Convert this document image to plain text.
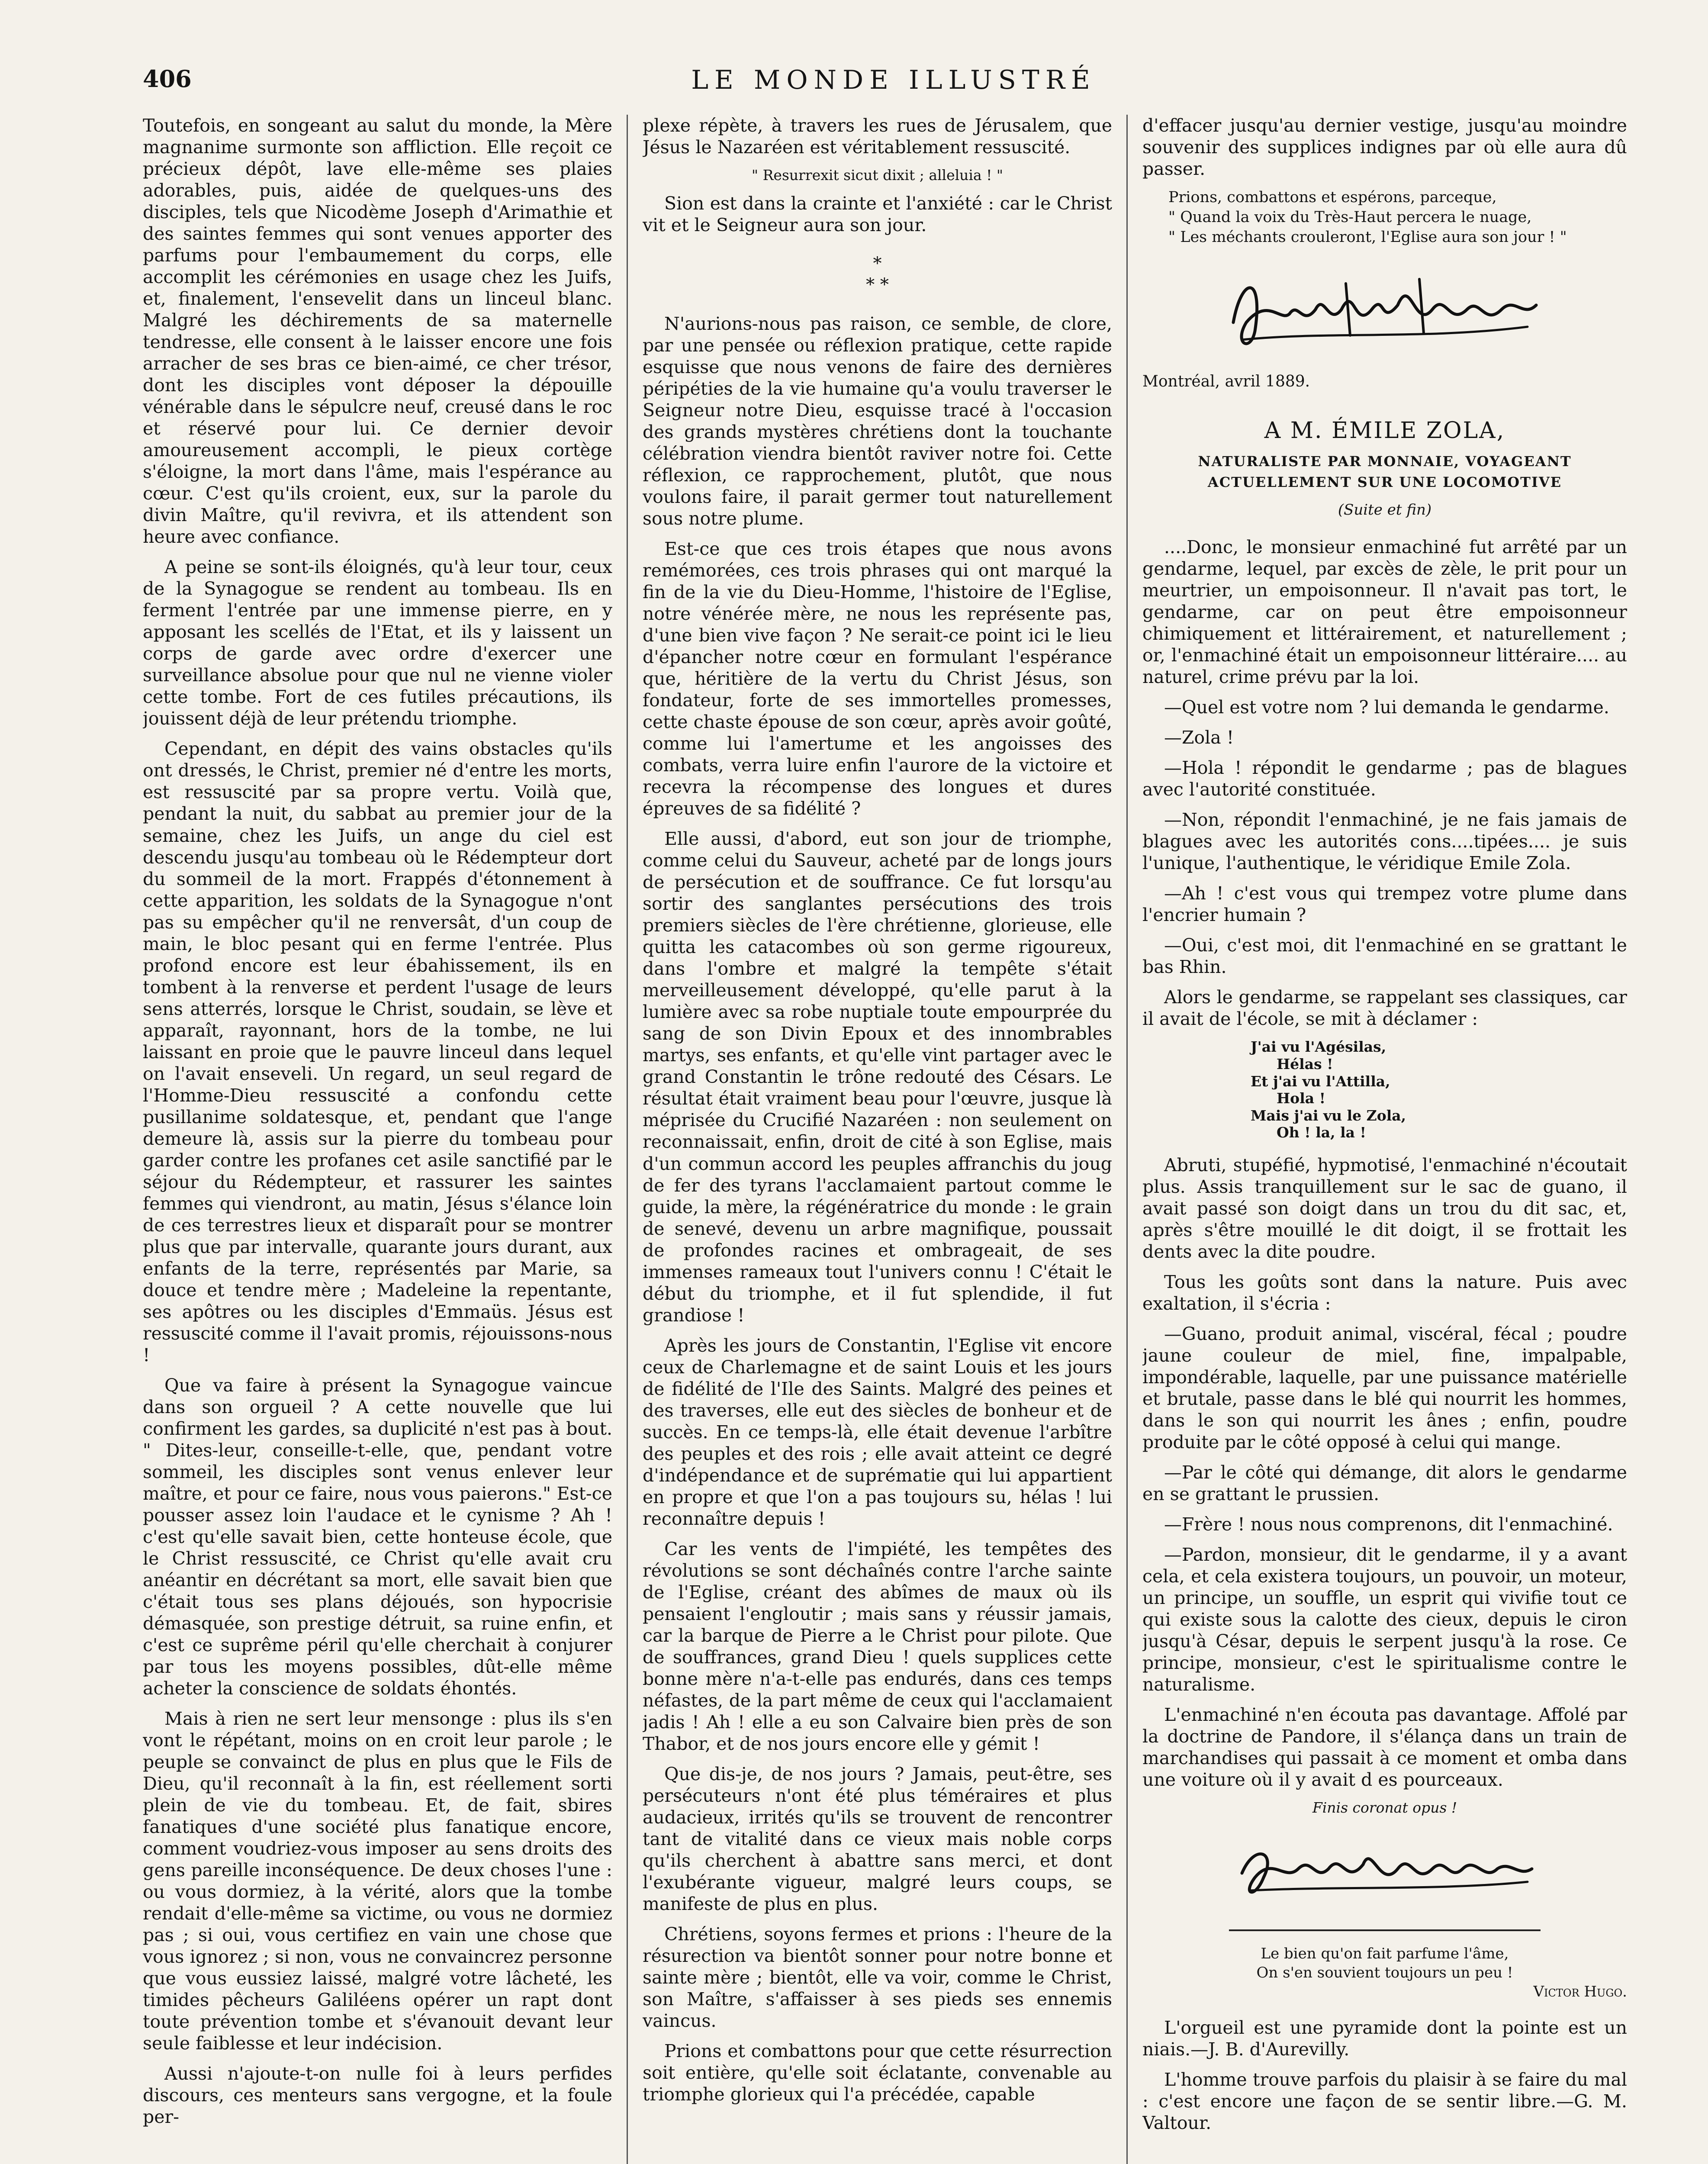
406	LE MONDE ILLUSTRÉ

Toutefois, en songeant au salut du monde, la Mère magnanime surmonte son affliction. Elle reçoit ce précieux dépôt, lave elle-même ses plaies adorables, puis, aidée de quelques-uns des disciples, tels que Nicodème Joseph d'Arimathie et des saintes femmes qui sont venues apporter des parfums pour l'embaumement du corps, elle accomplit les cérémonies en usage chez les Juifs, et, finalement, l'ensevelit dans un linceul blanc. Malgré les déchirements de sa maternelle tendresse, elle consent à le laisser encore une fois arracher de ses bras ce bien-aimé, ce cher trésor, dont les disciples vont déposer la dépouille vénérable dans le sépulcre neuf, creusé dans le roc et réservé pour lui. Ce dernier devoir amoureusement accompli, le pieux cortège s'éloigne, la mort dans l'âme, mais l'espérance au cœur. C'est qu'ils croient, eux, sur la parole du divin Maître, qu'il revivra, et ils attendent son heure avec confiance.

A peine se sont-ils éloignés, qu'à leur tour, ceux de la Synagogue se rendent au tombeau. Ils en ferment l'entrée par une immense pierre, en y apposant les scellés de l'Etat, et ils y laissent un corps de garde avec ordre d'exercer une surveillance absolue pour que nul ne vienne violer cette tombe. Fort de ces futiles précautions, ils jouissent déjà de leur prétendu triomphe.

Cependant, en dépit des vains obstacles qu'ils ont dressés, le Christ, premier né d'entre les morts, est ressuscité par sa propre vertu. Voilà que, pendant la nuit, du sabbat au premier jour de la semaine, chez les Juifs, un ange du ciel est descendu jusqu'au tombeau où le Rédempteur dort du sommeil de la mort. Frappés d'étonnement à cette apparition, les soldats de la Synagogue n'ont pas su empêcher qu'il ne renversât, d'un coup de main, le bloc pesant qui en ferme l'entrée. Plus profond encore est leur ébahissement, ils en tombent à la renverse et perdent l'usage de leurs sens atterrés, lorsque le Christ, soudain, se lève et apparaît, rayonnant, hors de la tombe, ne lui laissant en proie que le pauvre linceul dans lequel on l'avait enseveli. Un regard, un seul regard de l'Homme-Dieu ressuscité a confondu cette pusillanime soldatesque, et, pendant que l'ange demeure là, assis sur la pierre du tombeau pour garder contre les profanes cet asile sanctifié par le séjour du Rédempteur, et rassurer les saintes femmes qui viendront, au matin, Jésus s'élance loin de ces terrestres lieux et disparaît pour se montrer plus que par intervalle, quarante jours durant, aux enfants de la terre, représentés par Marie, sa douce et tendre mère ; Madeleine la repentante, ses apôtres ou les disciples d'Emmaüs. Jésus est ressuscité comme il l'avait promis, réjouissons-nous !

Que va faire à présent la Synagogue vaincue dans son orgueil ? A cette nouvelle que lui confirment les gardes, sa duplicité n'est pas à bout. " Dites-leur, conseille-t-elle, que, pendant votre sommeil, les disciples sont venus enlever leur maître, et pour ce faire, nous vous paierons." Est-ce pousser assez loin l'audace et le cynisme ? Ah ! c'est qu'elle savait bien, cette honteuse école, que le Christ ressuscité, ce Christ qu'elle avait cru anéantir en décrétant sa mort, elle savait bien que c'était tous ses plans déjoués, son hypocrisie démasquée, son prestige détruit, sa ruine enfin, et c'est ce suprême péril qu'elle cherchait à conjurer par tous les moyens possibles, dût-elle même acheter la conscience de soldats éhontés.

Mais à rien ne sert leur mensonge : plus ils s'en vont le répétant, moins on en croit leur parole ; le peuple se convainct de plus en plus que le Fils de Dieu, qu'il reconnaît à la fin, est réellement sorti plein de vie du tombeau. Et, de fait, sbires fanatiques d'une société plus fanatique encore, comment voudriez-vous imposer au sens droits des gens pareille inconséquence. De deux choses l'une : ou vous dormiez, à la vérité, alors que la tombe rendait d'elle-même sa victime, ou vous ne dormiez pas ; si oui, vous certifiez en vain une chose que vous ignorez ; si non, vous ne convaincrez personne que vous eussiez laissé, malgré votre lâcheté, les timides pêcheurs Galiléens opérer un rapt dont toute prévention tombe et s'évanouit devant leur seule faiblesse et leur indécision.

Aussi n'ajoute-t-on nulle foi à leurs perfides discours, ces menteurs sans vergogne, et la foule per-

plexe répète, à travers les rues de Jérusalem, que Jésus le Nazaréen est véritablement ressuscité.

" Resurrexit sicut dixit ; alleluia ! "

Sion est dans la crainte et l'anxiété : car le Christ vit et le Seigneur aura son jour.

*
* *

N'aurions-nous pas raison, ce semble, de clore, par une pensée ou réflexion pratique, cette rapide esquisse que nous venons de faire des dernières péripéties de la vie humaine qu'a voulu traverser le Seigneur notre Dieu, esquisse tracé à l'occasion des grands mystères chrétiens dont la touchante célébration viendra bientôt raviver notre foi. Cette réflexion, ce rapprochement, plutôt, que nous voulons faire, il parait germer tout naturellement sous notre plume.

Est-ce que ces trois étapes que nous avons remémorées, ces trois phrases qui ont marqué la fin de la vie du Dieu-Homme, l'histoire de l'Eglise, notre vénérée mère, ne nous les représente pas, d'une bien vive façon ? Ne serait-ce point ici le lieu d'épancher notre cœur en formulant l'espérance que, héritière de la vertu du Christ Jésus, son fondateur, forte de ses immortelles promesses, cette chaste épouse de son cœur, après avoir goûté, comme lui l'amertume et les angoisses des combats, verra luire enfin l'aurore de la victoire et recevra la récompense des longues et dures épreuves de sa fidélité ?

Elle aussi, d'abord, eut son jour de triomphe, comme celui du Sauveur, acheté par de longs jours de persécution et de souffrance. Ce fut lorsqu'au sortir des sanglantes persécutions des trois premiers siècles de l'ère chrétienne, glorieuse, elle quitta les catacombes où son germe rigoureux, dans l'ombre et malgré la tempête s'était merveilleusement développé, qu'elle parut à la lumière avec sa robe nuptiale toute empourprée du sang de son Divin Epoux et des innombrables martys, ses enfants, et qu'elle vint partager avec le grand Constantin le trône redouté des Césars. Le résultat était vraiment beau pour l'œuvre, jusque là méprisée du Crucifié Nazaréen : non seulement on reconnaissait, enfin, droit de cité à son Eglise, mais d'un commun accord les peuples affranchis du joug de fer des tyrans l'acclamaient partout comme le guide, la mère, la régénératrice du monde : le grain de senevé, devenu un arbre magnifique, poussait de profondes racines et ombrageait, de ses immenses rameaux tout l'univers connu ! C'était le début du triomphe, et il fut splendide, il fut grandiose !

Après les jours de Constantin, l'Eglise vit encore ceux de Charlemagne et de saint Louis et les jours de fidélité de l'Ile des Saints. Malgré des peines et des traverses, elle eut des siècles de bonheur et de succès. En ce temps-là, elle était devenue l'arbître des peuples et des rois ; elle avait atteint ce degré d'indépendance et de suprématie qui lui appartient en propre et que l'on a pas toujours su, hélas ! lui reconnaître depuis !

Car les vents de l'impiété, les tempêtes des révolutions se sont déchaînés contre l'arche sainte de l'Eglise, créant des abîmes de maux où ils pensaient l'engloutir ; mais sans y réussir jamais, car la barque de Pierre a le Christ pour pilote. Que de souffrances, grand Dieu ! quels supplices cette bonne mère n'a-t-elle pas endurés, dans ces temps néfastes, de la part même de ceux qui l'acclamaient jadis ! Ah ! elle a eu son Calvaire bien près de son Thabor, et de nos jours encore elle y gémit !

Que dis-je, de nos jours ? Jamais, peut-être, ses persécuteurs n'ont été plus téméraires et plus audacieux, irrités qu'ils se trouvent de rencontrer tant de vitalité dans ce vieux mais noble corps qu'ils cherchent à abattre sans merci, et dont l'exubérante vigueur, malgré leurs coups, se manifeste de plus en plus.

Chrétiens, soyons fermes et prions : l'heure de la résurection va bientôt sonner pour notre bonne et sainte mère ; bientôt, elle va voir, comme le Christ, son Maître, s'affaisser à ses pieds ses ennemis vaincus.

Prions et combattons pour que cette résurrection soit entière, qu'elle soit éclatante, convenable au triomphe glorieux qui l'a précédée, capable

d'effacer jusqu'au dernier vestige, jusqu'au moindre souvenir des supplices indignes par où elle aura dû passer.

Prions, combattons et espérons, parceque,

" Quand la voix du Très-Haut percera le nuage,

" Les méchants crouleront, l'Eglise aura son jour ! "

Montréal, avril 1889.

A M. ÉMILE ZOLA,

NATURALISTE PAR MONNAIE, VOYAGEANT ACTUELLEMENT SUR UNE LOCOMOTIVE

(Suite et fin)

....Donc, le monsieur enmachiné fut arrêté par un gendarme, lequel, par excès de zèle, le prit pour un meurtrier, un empoisonneur. Il n'avait pas tort, le gendarme, car on peut être empoisonneur chimiquement et littérairement, et naturellement ; or, l'enmachiné était un empoisonneur littéraire.... au naturel, crime prévu par la loi.

—Quel est votre nom ? lui demanda le gendarme.

—Zola !

—Hola ! répondit le gendarme ; pas de blagues avec l'autorité constituée.

—Non, répondit l'enmachiné, je ne fais jamais de blagues avec les autorités cons....tipées.... je suis l'unique, l'authentique, le véridique Emile Zola.

—Ah ! c'est vous qui trempez votre plume dans l'encrier humain ?

—Oui, c'est moi, dit l'enmachiné en se grattant le bas Rhin.

Alors le gendarme, se rappelant ses classiques, car il avait de l'école, se mit à déclamer :

J'ai vu l'Agésilas,
Hélas !
Et j'ai vu l'Attilla,
Hola !
Mais j'ai vu le Zola,
Oh ! la, la !

Abruti, stupéfié, hypmotisé, l'enmachiné n'écoutait plus. Assis tranquillement sur le sac de guano, il avait passé son doigt dans un trou du dit sac, et, après s'être mouillé le dit doigt, il se frottait les dents avec la dite poudre.

Tous les goûts sont dans la nature. Puis avec exaltation, il s'écria :

—Guano, produit animal, viscéral, fécal ; poudre jaune couleur de miel, fine, impalpable, impondérable, laquelle, par une puissance matérielle et brutale, passe dans le blé qui nourrit les hommes, dans le son qui nourrit les ânes ; enfin, poudre produite par le côté opposé à celui qui mange.

—Par le côté qui démange, dit alors le gendarme en se grattant le prussien.

—Frère ! nous nous comprenons, dit l'enmachiné.

—Pardon, monsieur, dit le gendarme, il y a avant cela, et cela existera toujours, un pouvoir, un moteur, un principe, un souffle, un esprit qui vivifie tout ce qui existe sous la calotte des cieux, depuis le ciron jusqu'à César, depuis le serpent jusqu'à la rose. Ce principe, monsieur, c'est le spiritualisme contre le naturalisme.

L'enmachiné n'en écouta pas davantage. Affolé par la doctrine de Pandore, il s'élança dans un train de marchandises qui passait à ce moment et omba dans une voiture où il y avait d es pourceaux.

Finis coronat opus !

Le bien qu'on fait parfume l'âme,
On s'en souvient toujours un peu !
Victor Hugo.

L'orgueil est une pyramide dont la pointe est un niais.—J. B. d'Aurevilly.

L'homme trouve parfois du plaisir à se faire du mal : c'est encore une façon de se sentir libre.—G. M. Valtour.
